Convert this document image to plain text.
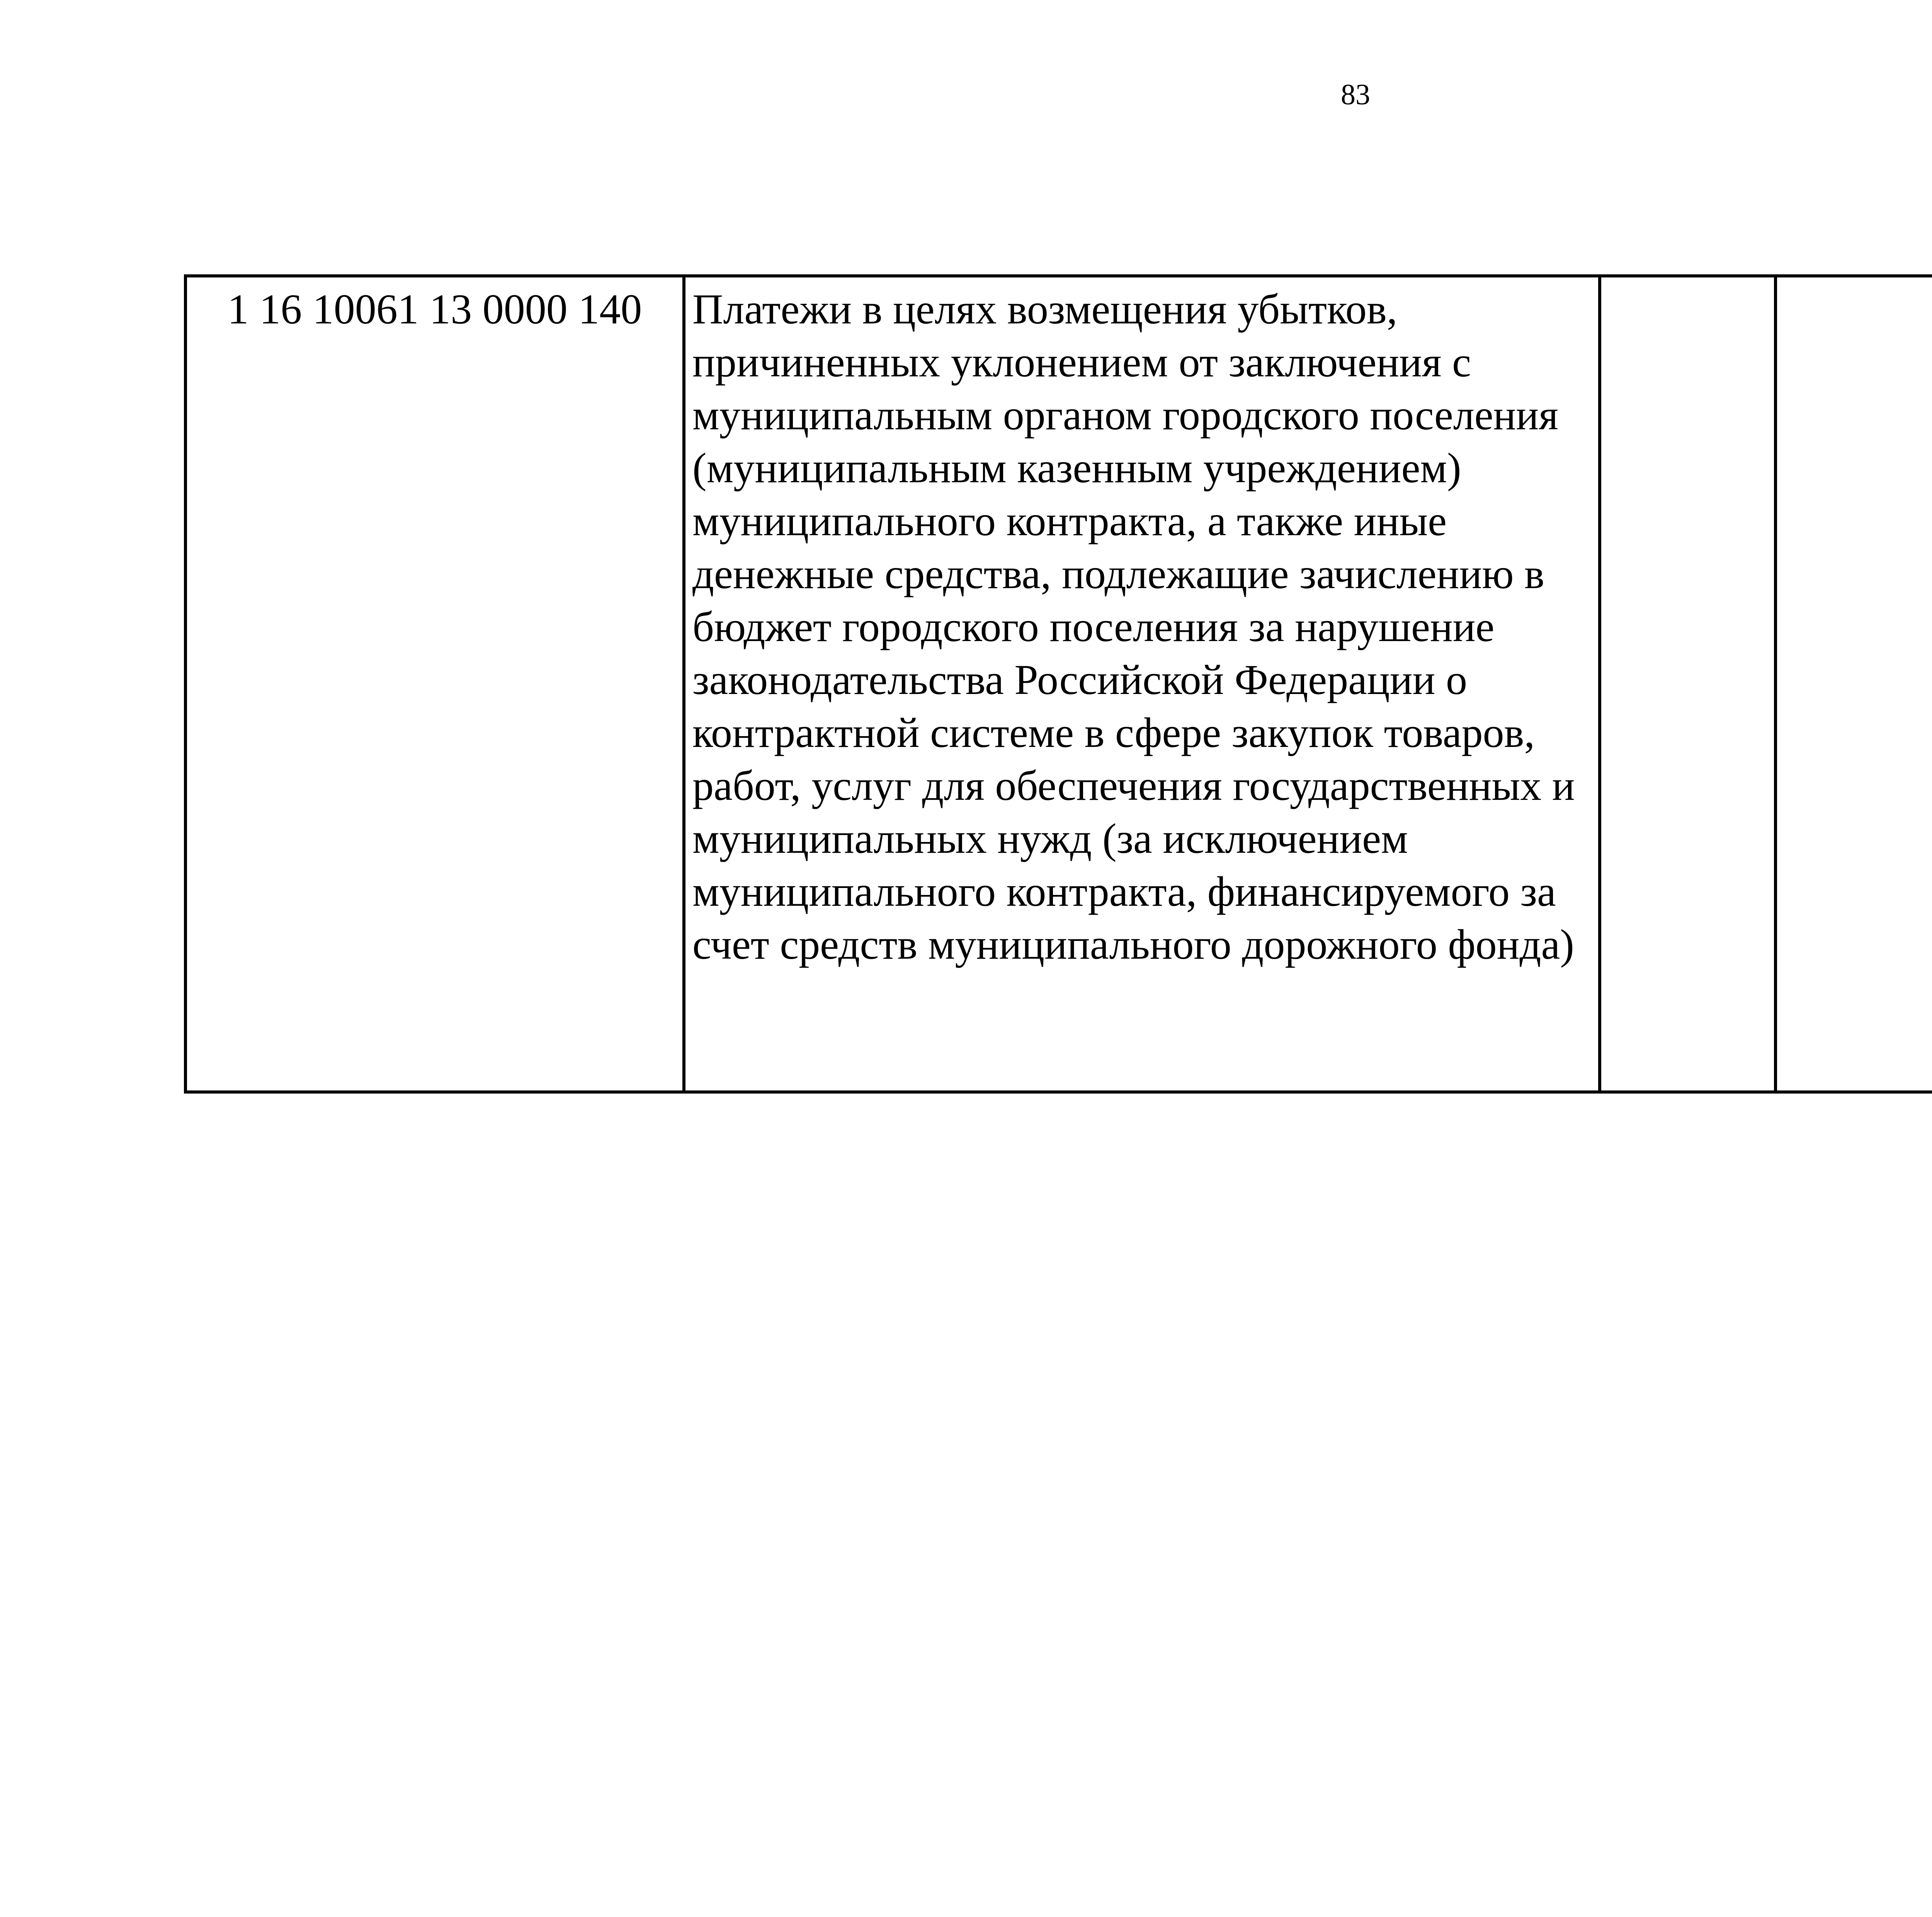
83
1 16 10061 13 0000 140	Платежи в целях возмещения убытков,
причиненных уклонением от заключения с
муниципальным органом городского поселения
(муниципальным казенным учреждением)
муниципального контракта, а также иные
денежные средства, подлежащие зачислению в
бюджет городского поселения за нарушение
законодательства Российской Федерации о
контрактной системе в сфере закупок товаров,
работ, услуг для обеспечения государственных и
муниципальных нужд (за исключением
муниципального контракта, финансируемого за
счет средств муниципального дорожного фонда)
